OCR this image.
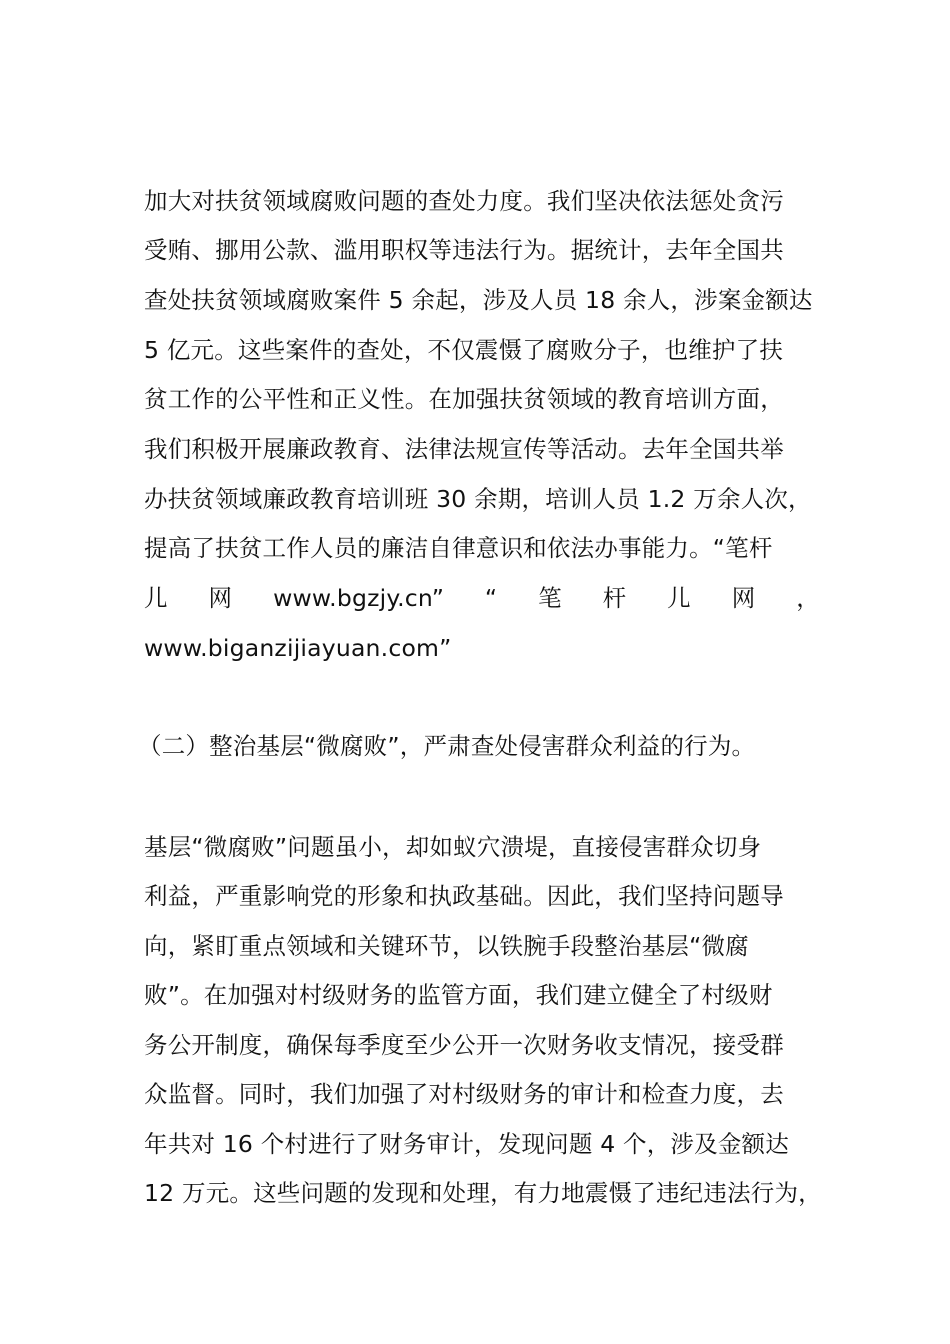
加大对扶贫领域腐败问题的查处力度。我们坚决依法惩处贪污
受贿、挪用公款、滥用职权等违法行为。据统计，去年全国共
查处扶贫领域腐败案件 5 余起，涉及人员 18 余人，涉案金额达
5 亿元。这些案件的查处，不仅震慑了腐败分子，也维护了扶
贫工作的公平性和正义性。在加强扶贫领域的教育培训方面，
我们积极开展廉政教育、法律法规宣传等活动。去年全国共举
办扶贫领域廉政教育培训班 30 余期，培训人员 1.2 万余人次，
提高了扶贫工作人员的廉洁自律意识和依法办事能力。“笔杆
儿 网 www.bgzjy.cn” “ 笔 杆 儿 网 ，
www.biganzijiayuan.com”
（二）整治基层“微腐败”，严肃查处侵害群众利益的行为。
基层“微腐败”问题虽小，却如蚁穴溃堤，直接侵害群众切身
利益，严重影响党的形象和执政基础。因此，我们坚持问题导
向，紧盯重点领域和关键环节，以铁腕手段整治基层“微腐
败”。在加强对村级财务的监管方面，我们建立健全了村级财
务公开制度，确保每季度至少公开一次财务收支情况，接受群
众监督。同时，我们加强了对村级财务的审计和检查力度，去
年共对 16 个村进行了财务审计，发现问题 4 个，涉及金额达
12 万元。这些问题的发现和处理，有力地震慑了违纪违法行为，
